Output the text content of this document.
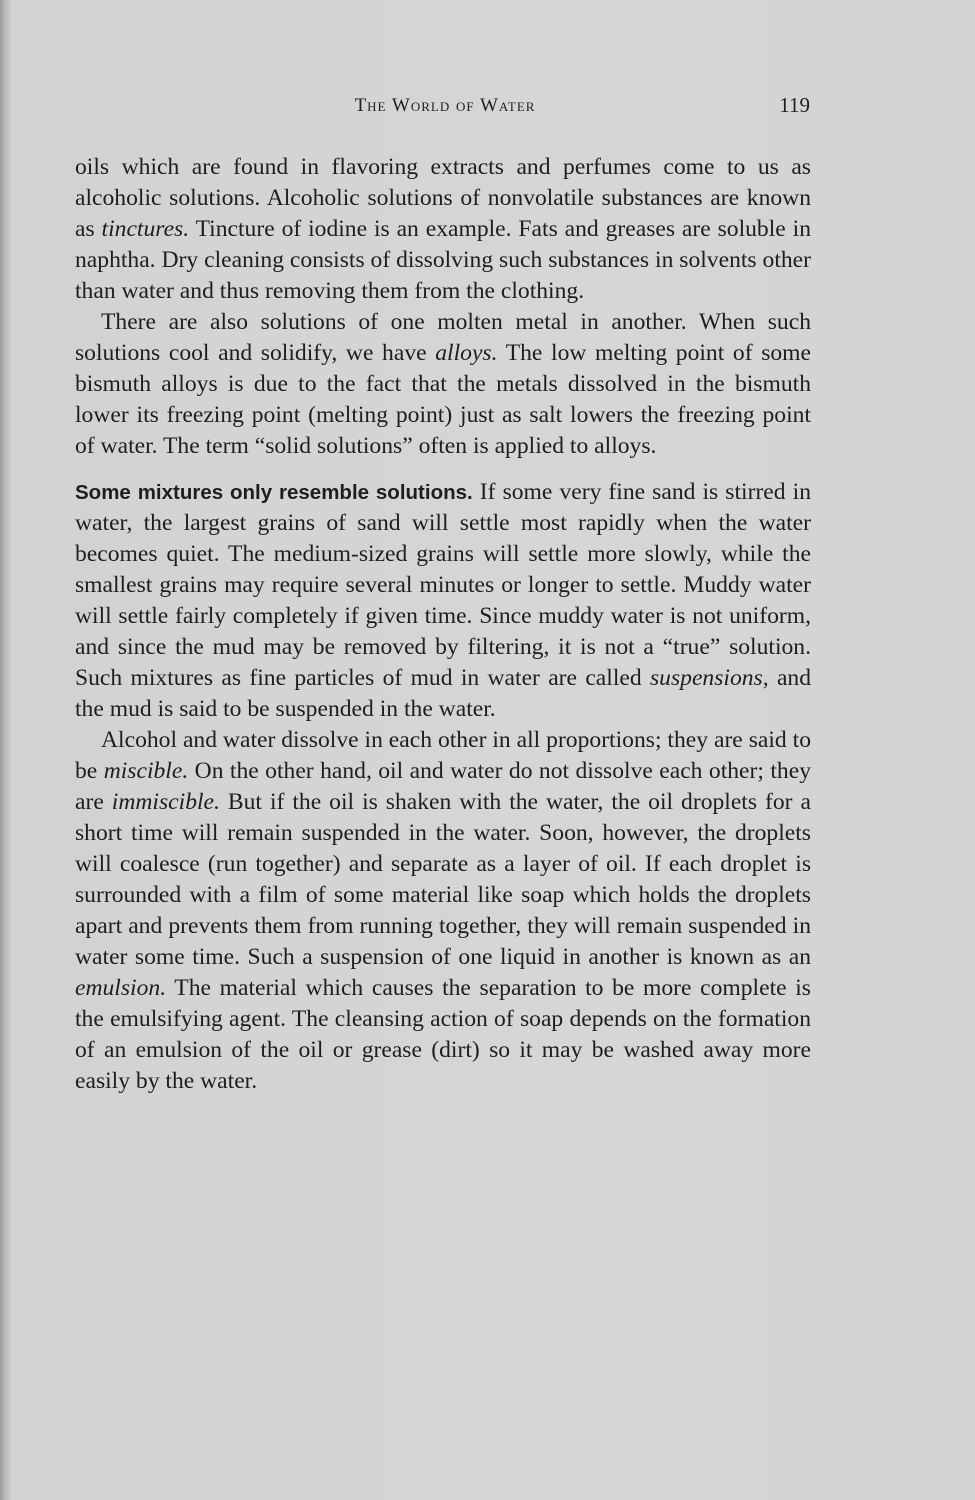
The World of Water	119

oils which are found in flavoring extracts and perfumes come to us as alcoholic solutions. Alcoholic solutions of nonvolatile substances are known as tinctures. Tincture of iodine is an example. Fats and greases are soluble in naphtha. Dry cleaning consists of dissolving such substances in solvents other than water and thus removing them from the clothing.

There are also solutions of one molten metal in another. When such solutions cool and solidify, we have alloys. The low melting point of some bismuth alloys is due to the fact that the metals dissolved in the bismuth lower its freezing point (melting point) just as salt lowers the freezing point of water. The term “solid solutions” often is applied to alloys.

Some mixtures only resemble solutions. If some very fine sand is stirred in water, the largest grains of sand will settle most rapidly when the water becomes quiet. The medium-sized grains will settle more slowly, while the smallest grains may require several minutes or longer to settle. Muddy water will settle fairly completely if given time. Since muddy water is not uniform, and since the mud may be removed by filtering, it is not a “true” solution. Such mixtures as fine particles of mud in water are called suspensions, and the mud is said to be suspended in the water.

Alcohol and water dissolve in each other in all proportions; they are said to be miscible. On the other hand, oil and water do not dissolve each other; they are immiscible. But if the oil is shaken with the water, the oil droplets for a short time will remain suspended in the water. Soon, however, the droplets will coalesce (run together) and separate as a layer of oil. If each droplet is surrounded with a film of some material like soap which holds the droplets apart and prevents them from running together, they will remain suspended in water some time. Such a suspension of one liquid in another is known as an emulsion. The material which causes the separation to be more complete is the emulsifying agent. The cleansing action of soap depends on the formation of an emulsion of the oil or grease (dirt) so it may be washed away more easily by the water.
